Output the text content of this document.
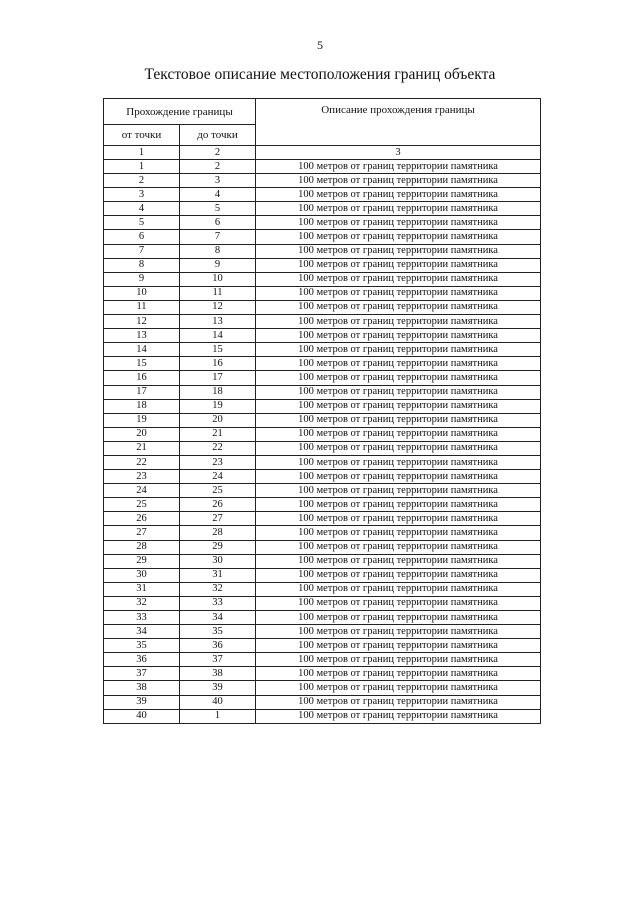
5
Текстовое описание местоположения границ объекта
Прохождение границы		Описание прохождения границы
от точки	до точки	
1	2	3
1	2	100 метров от границ территории памятника
2	3	100 метров от границ территории памятника
3	4	100 метров от границ территории памятника
4	5	100 метров от границ территории памятника
5	6	100 метров от границ территории памятника
6	7	100 метров от границ территории памятника
7	8	100 метров от границ территории памятника
8	9	100 метров от границ территории памятника
9	10	100 метров от границ территории памятника
10	11	100 метров от границ территории памятника
11	12	100 метров от границ территории памятника
12	13	100 метров от границ территории памятника
13	14	100 метров от границ территории памятника
14	15	100 метров от границ территории памятника
15	16	100 метров от границ территории памятника
16	17	100 метров от границ территории памятника
17	18	100 метров от границ территории памятника
18	19	100 метров от границ территории памятника
19	20	100 метров от границ территории памятника
20	21	100 метров от границ территории памятника
21	22	100 метров от границ территории памятника
22	23	100 метров от границ территории памятника
23	24	100 метров от границ территории памятника
24	25	100 метров от границ территории памятника
25	26	100 метров от границ территории памятника
26	27	100 метров от границ территории памятника
27	28	100 метров от границ территории памятника
28	29	100 метров от границ территории памятника
29	30	100 метров от границ территории памятника
30	31	100 метров от границ территории памятника
31	32	100 метров от границ территории памятника
32	33	100 метров от границ территории памятника
33	34	100 метров от границ территории памятника
34	35	100 метров от границ территории памятника
35	36	100 метров от границ территории памятника
36	37	100 метров от границ территории памятника
37	38	100 метров от границ территории памятника
38	39	100 метров от границ территории памятника
39	40	100 метров от границ территории памятника
40	1	100 метров от границ территории памятника
